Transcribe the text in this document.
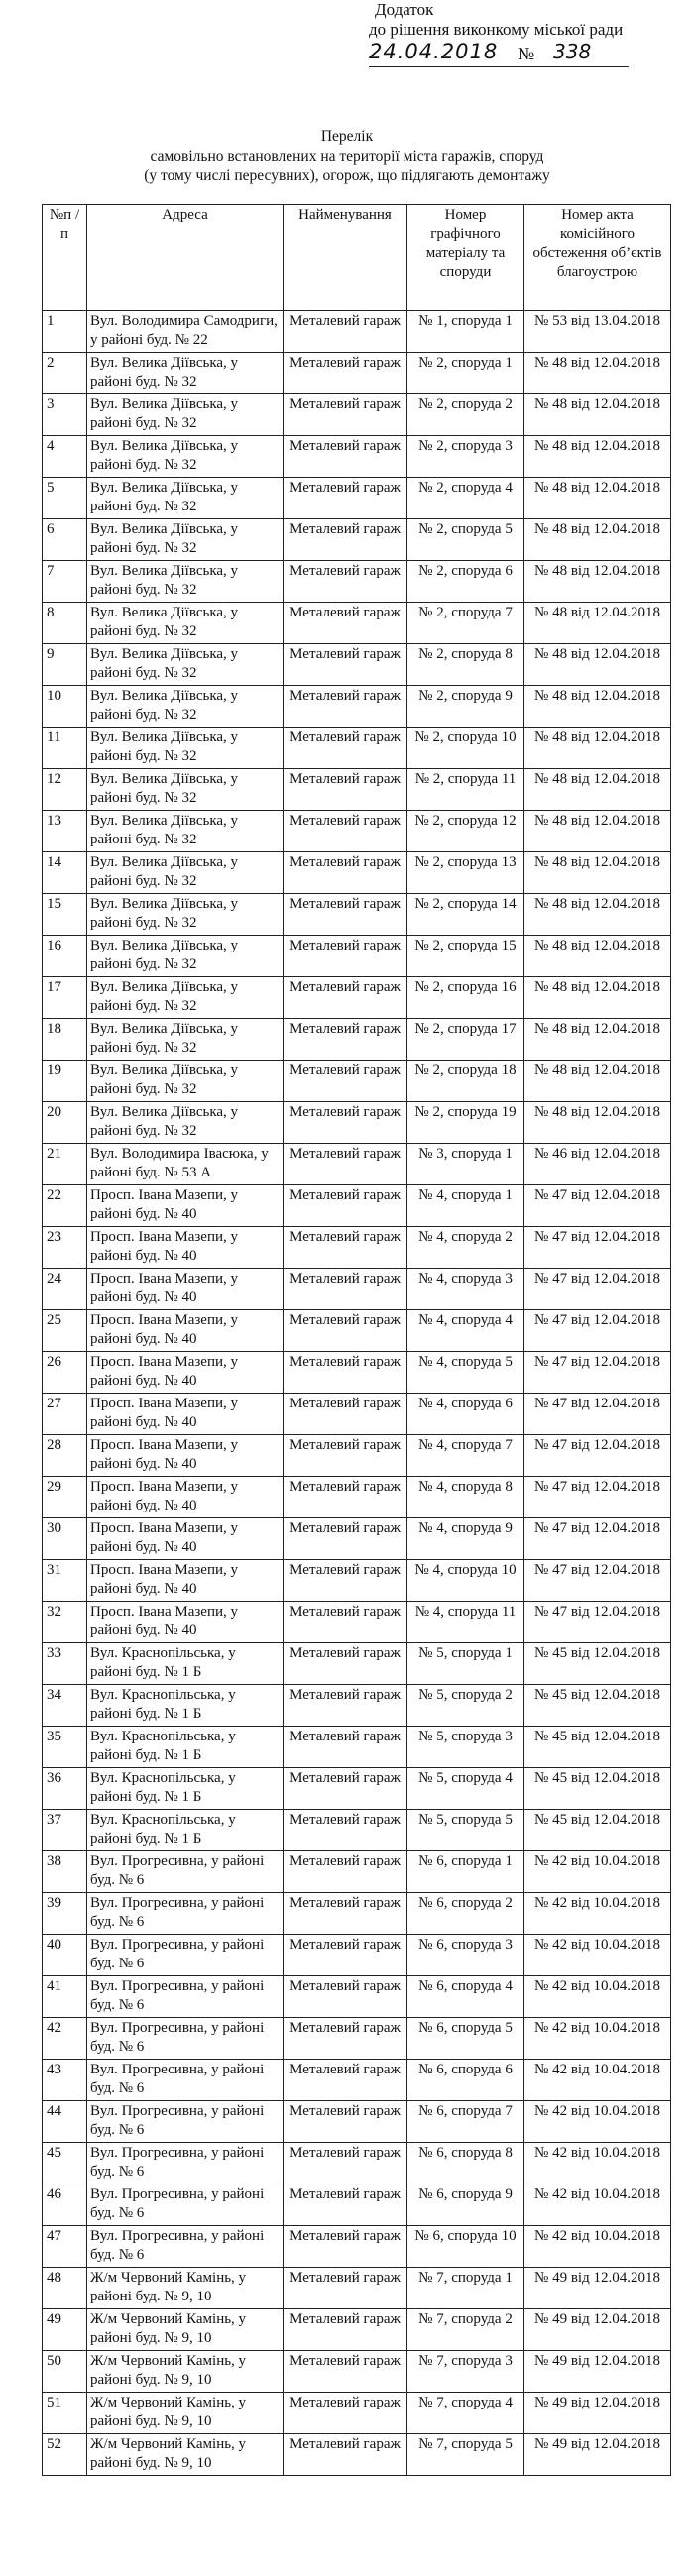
Додаток
до рішення виконкому міської ради
24.04.2018 № 338
Перелік
самовільно встановлених на території міста гаражів, споруд
(у тому числі пересувних), огорож, що підлягають демонтажу
№п /п	Адреса	Найменування	Номер графічного матеріалу та споруди	Номер акта комісійного обстеження об’єктів благоустрою
1	Вул. Володимира Самодриги, у районі буд. № 22	Металевий гараж	№ 1, споруда 1	№ 53 від 13.04.2018
2	Вул. Велика Діївська, у районі буд. № 32	Металевий гараж	№ 2, споруда 1	№ 48 від 12.04.2018
3	Вул. Велика Діївська, у районі буд. № 32	Металевий гараж	№ 2, споруда 2	№ 48 від 12.04.2018
4	Вул. Велика Діївська, у районі буд. № 32	Металевий гараж	№ 2, споруда 3	№ 48 від 12.04.2018
5	Вул. Велика Діївська, у районі буд. № 32	Металевий гараж	№ 2, споруда 4	№ 48 від 12.04.2018
6	Вул. Велика Діївська, у районі буд. № 32	Металевий гараж	№ 2, споруда 5	№ 48 від 12.04.2018
7	Вул. Велика Діївська, у районі буд. № 32	Металевий гараж	№ 2, споруда 6	№ 48 від 12.04.2018
8	Вул. Велика Діївська, у районі буд. № 32	Металевий гараж	№ 2, споруда 7	№ 48 від 12.04.2018
9	Вул. Велика Діївська, у районі буд. № 32	Металевий гараж	№ 2, споруда 8	№ 48 від 12.04.2018
10	Вул. Велика Діївська, у районі буд. № 32	Металевий гараж	№ 2, споруда 9	№ 48 від 12.04.2018
11	Вул. Велика Діївська, у районі буд. № 32	Металевий гараж	№ 2, споруда 10	№ 48 від 12.04.2018
12	Вул. Велика Діївська, у районі буд. № 32	Металевий гараж	№ 2, споруда 11	№ 48 від 12.04.2018
13	Вул. Велика Діївська, у районі буд. № 32	Металевий гараж	№ 2, споруда 12	№ 48 від 12.04.2018
14	Вул. Велика Діївська, у районі буд. № 32	Металевий гараж	№ 2, споруда 13	№ 48 від 12.04.2018
15	Вул. Велика Діївська, у районі буд. № 32	Металевий гараж	№ 2, споруда 14	№ 48 від 12.04.2018
16	Вул. Велика Діївська, у районі буд. № 32	Металевий гараж	№ 2, споруда 15	№ 48 від 12.04.2018
17	Вул. Велика Діївська, у районі буд. № 32	Металевий гараж	№ 2, споруда 16	№ 48 від 12.04.2018
18	Вул. Велика Діївська, у районі буд. № 32	Металевий гараж	№ 2, споруда 17	№ 48 від 12.04.2018
19	Вул. Велика Діївська, у районі буд. № 32	Металевий гараж	№ 2, споруда 18	№ 48 від 12.04.2018
20	Вул. Велика Діївська, у районі буд. № 32	Металевий гараж	№ 2, споруда 19	№ 48 від 12.04.2018
21	Вул. Володимира Івасюка, у районі буд. № 53 А	Металевий гараж	№ 3, споруда 1	№ 46 від 12.04.2018
22	Просп. Івана Мазепи, у районі буд. № 40	Металевий гараж	№ 4, споруда 1	№ 47 від 12.04.2018
23	Просп. Івана Мазепи, у районі буд. № 40	Металевий гараж	№ 4, споруда 2	№ 47 від 12.04.2018
24	Просп. Івана Мазепи, у районі буд. № 40	Металевий гараж	№ 4, споруда 3	№ 47 від 12.04.2018
25	Просп. Івана Мазепи, у районі буд. № 40	Металевий гараж	№ 4, споруда 4	№ 47 від 12.04.2018
26	Просп. Івана Мазепи, у районі буд. № 40	Металевий гараж	№ 4, споруда 5	№ 47 від 12.04.2018
27	Просп. Івана Мазепи, у районі буд. № 40	Металевий гараж	№ 4, споруда 6	№ 47 від 12.04.2018
28	Просп. Івана Мазепи, у районі буд. № 40	Металевий гараж	№ 4, споруда 7	№ 47 від 12.04.2018
29	Просп. Івана Мазепи, у районі буд. № 40	Металевий гараж	№ 4, споруда 8	№ 47 від 12.04.2018
30	Просп. Івана Мазепи, у районі буд. № 40	Металевий гараж	№ 4, споруда 9	№ 47 від 12.04.2018
31	Просп. Івана Мазепи, у районі буд. № 40	Металевий гараж	№ 4, споруда 10	№ 47 від 12.04.2018
32	Просп. Івана Мазепи, у районі буд. № 40	Металевий гараж	№ 4, споруда 11	№ 47 від 12.04.2018
33	Вул. Краснопільська, у районі буд. № 1 Б	Металевий гараж	№ 5, споруда 1	№ 45 від 12.04.2018
34	Вул. Краснопільська, у районі буд. № 1 Б	Металевий гараж	№ 5, споруда 2	№ 45 від 12.04.2018
35	Вул. Краснопільська, у районі буд. № 1 Б	Металевий гараж	№ 5, споруда 3	№ 45 від 12.04.2018
36	Вул. Краснопільська, у районі буд. № 1 Б	Металевий гараж	№ 5, споруда 4	№ 45 від 12.04.2018
37	Вул. Краснопільська, у районі буд. № 1 Б	Металевий гараж	№ 5, споруда 5	№ 45 від 12.04.2018
38	Вул. Прогресивна, у районі буд. № 6	Металевий гараж	№ 6, споруда 1	№ 42 від 10.04.2018
39	Вул. Прогресивна, у районі буд. № 6	Металевий гараж	№ 6, споруда 2	№ 42 від 10.04.2018
40	Вул. Прогресивна, у районі буд. № 6	Металевий гараж	№ 6, споруда 3	№ 42 від 10.04.2018
41	Вул. Прогресивна, у районі буд. № 6	Металевий гараж	№ 6, споруда 4	№ 42 від 10.04.2018
42	Вул. Прогресивна, у районі буд. № 6	Металевий гараж	№ 6, споруда 5	№ 42 від 10.04.2018
43	Вул. Прогресивна, у районі буд. № 6	Металевий гараж	№ 6, споруда 6	№ 42 від 10.04.2018
44	Вул. Прогресивна, у районі буд. № 6	Металевий гараж	№ 6, споруда 7	№ 42 від 10.04.2018
45	Вул. Прогресивна, у районі буд. № 6	Металевий гараж	№ 6, споруда 8	№ 42 від 10.04.2018
46	Вул. Прогресивна, у районі буд. № 6	Металевий гараж	№ 6, споруда 9	№ 42 від 10.04.2018
47	Вул. Прогресивна, у районі буд. № 6	Металевий гараж	№ 6, споруда 10	№ 42 від 10.04.2018
48	Ж/м Червоний Камінь, у районі буд. № 9, 10	Металевий гараж	№ 7, споруда 1	№ 49 від 12.04.2018
49	Ж/м Червоний Камінь, у районі буд. № 9, 10	Металевий гараж	№ 7, споруда 2	№ 49 від 12.04.2018
50	Ж/м Червоний Камінь, у районі буд. № 9, 10	Металевий гараж	№ 7, споруда 3	№ 49 від 12.04.2018
51	Ж/м Червоний Камінь, у районі буд. № 9, 10	Металевий гараж	№ 7, споруда 4	№ 49 від 12.04.2018
52	Ж/м Червоний Камінь, у районі буд. № 9, 10	Металевий гараж	№ 7, споруда 5	№ 49 від 12.04.2018
